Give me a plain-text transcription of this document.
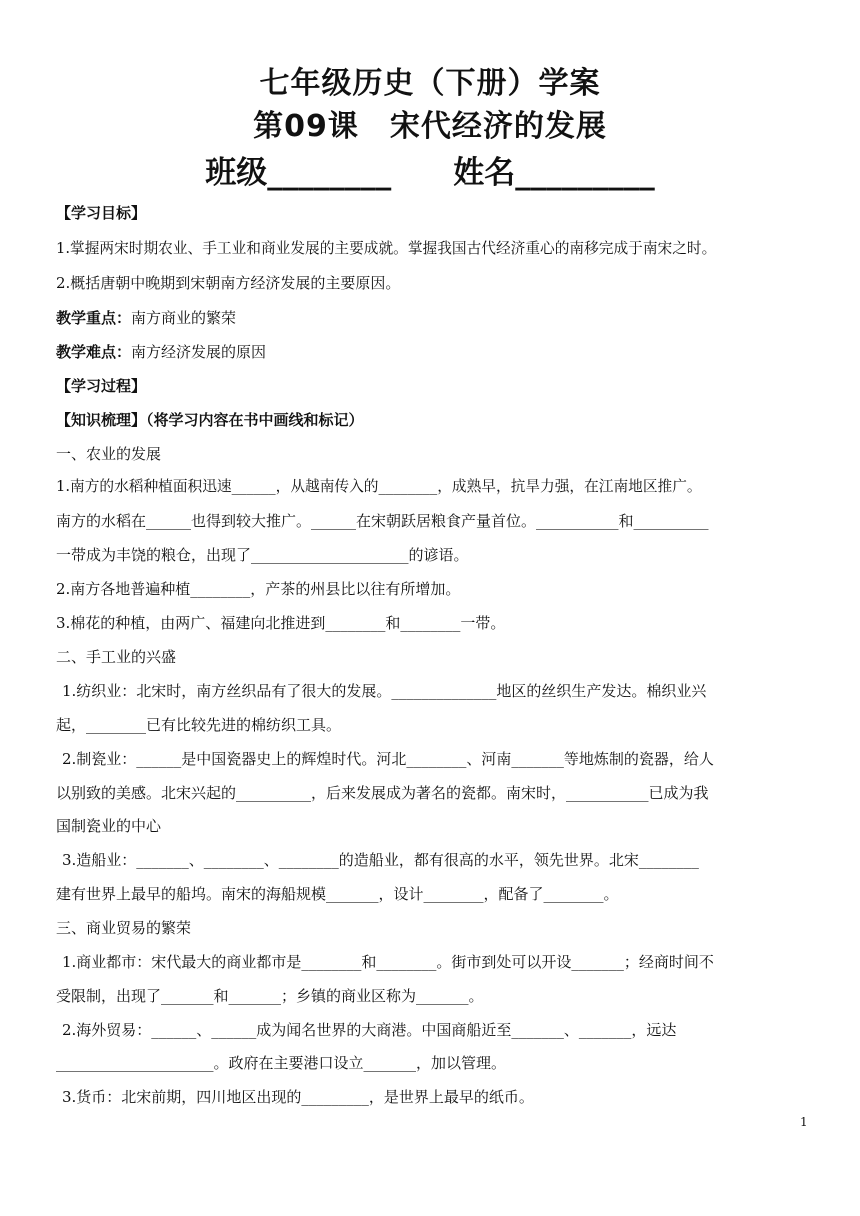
七年级历史（下册）学案
第09课　宋代经济的发展
班级________　　姓名_________
【学习目标】
1.掌握两宋时期农业、手工业和商业发展的主要成就。掌握我国古代经济重心的南移完成于南宋之时。
2.概括唐朝中晚期到宋朝南方经济发展的主要原因。
教学重点：南方商业的繁荣
教学难点：南方经济发展的原因
【学习过程】
【知识梳理】（将学习内容在书中画线和标记）
一、农业的发展
1.南方的水稻种植面积迅速______，从越南传入的________，成熟早，抗旱力强，在江南地区推广。
南方的水稻在______也得到较大推广。______在宋朝跃居粮食产量首位。___________和__________
一带成为丰饶的粮仓，出现了_____________________的谚语。
2.南方各地普遍种植________，产茶的州县比以往有所增加。
3.棉花的种植，由两广、福建向北推进到________和________一带。
二、手工业的兴盛
1.纺织业：北宋时，南方丝织品有了很大的发展。______________地区的丝织生产发达。棉织业兴
起，________已有比较先进的棉纺织工具。
2.制瓷业：______是中国瓷器史上的辉煌时代。河北________、河南_______等地炼制的瓷器，给人
以别致的美感。北宋兴起的__________，后来发展成为著名的瓷都。南宋时，___________已成为我
国制瓷业的中心
3.造船业：_______、________、________的造船业，都有很高的水平，领先世界。北宋________
建有世界上最早的船坞。南宋的海船规模_______，设计________，配备了________。
三、商业贸易的繁荣
1.商业都市：宋代最大的商业都市是________和________。街市到处可以开设_______；经商时间不
受限制，出现了_______和_______；乡镇的商业区称为_______。
2.海外贸易：______、______成为闻名世界的大商港。中国商船近至_______、_______，远达
_____________________。政府在主要港口设立_______，加以管理。
3.货币：北宋前期，四川地区出现的_________，是世界上最早的纸币。
1
